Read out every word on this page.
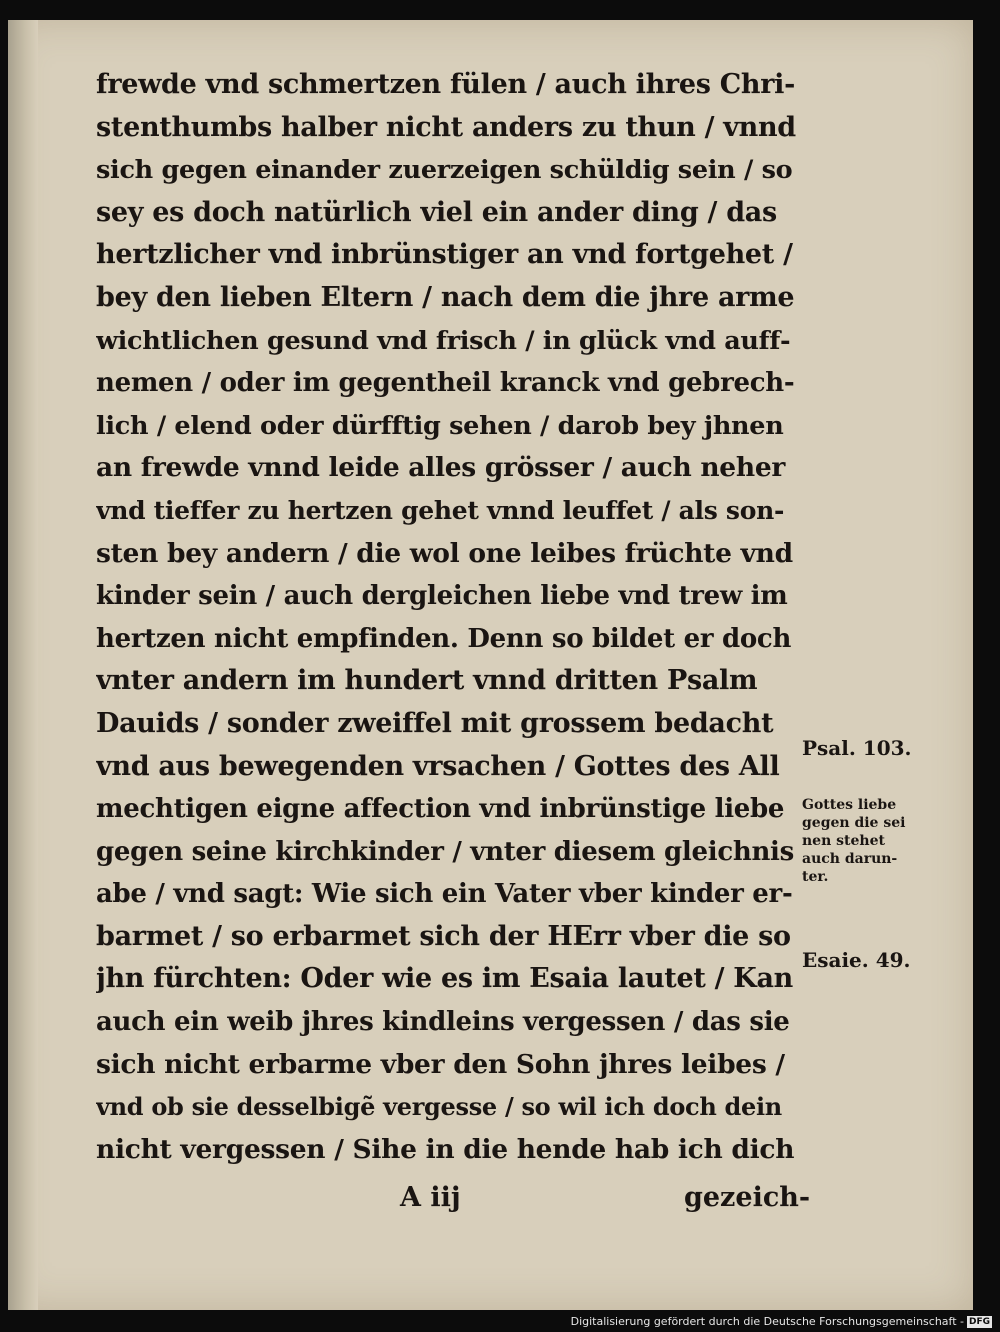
frewde vnd schmertzen fülen / auch ihres Chri‑
stenthumbs halber nicht anders zu thun / vnnd
sich gegen einander zuerzeigen schüldig sein / so
sey es doch natürlich viel ein ander ding / das
hertzlicher vnd inbrünstiger an vnd fortgehet /
bey den lieben Eltern / nach dem die jhre arme
wichtlichen gesund vnd frisch / in glück vnd auff‑
nemen / oder im gegentheil kranck vnd gebrech‑
lich / elend oder dürfftig sehen / darob bey jhnen
an frewde vnnd leide alles grösser / auch neher
vnd tieffer zu hertzen gehet vnnd leuffet / als son‑
sten bey andern / die wol one leibes früchte vnd
kinder sein / auch dergleichen liebe vnd trew im
hertzen nicht empfinden. Denn so bildet er doch
vnter andern im hundert vnnd dritten Psalm
Dauids / sonder zweiffel mit grossem bedacht
vnd aus bewegenden vrsachen / Gottes des All
mechtigen eigne affection vnd inbrünstige liebe
gegen seine kirchkinder / vnter diesem gleichnis
abe / vnd sagt: Wie sich ein Vater vber kinder er‑
barmet / so erbarmet sich der HErr vber die so
jhn fürchten: Oder wie es im Esaia lautet / Kan
auch ein weib jhres kindleins vergessen / das sie
sich nicht erbarme vber den Sohn jhres leibes /
vnd ob sie desselbigẽ vergesse / so wil ich doch dein
nicht vergessen / Sihe in die hende hab ich dich
A iij	gezeich‑
Psal. 103.
Gottes liebe
gegen die sei
nen stehet
auch darun‑
ter.
Esaie. 49.
Digitalisierung gefördert durch die Deutsche Forschungsgemeinschaft - DFG
